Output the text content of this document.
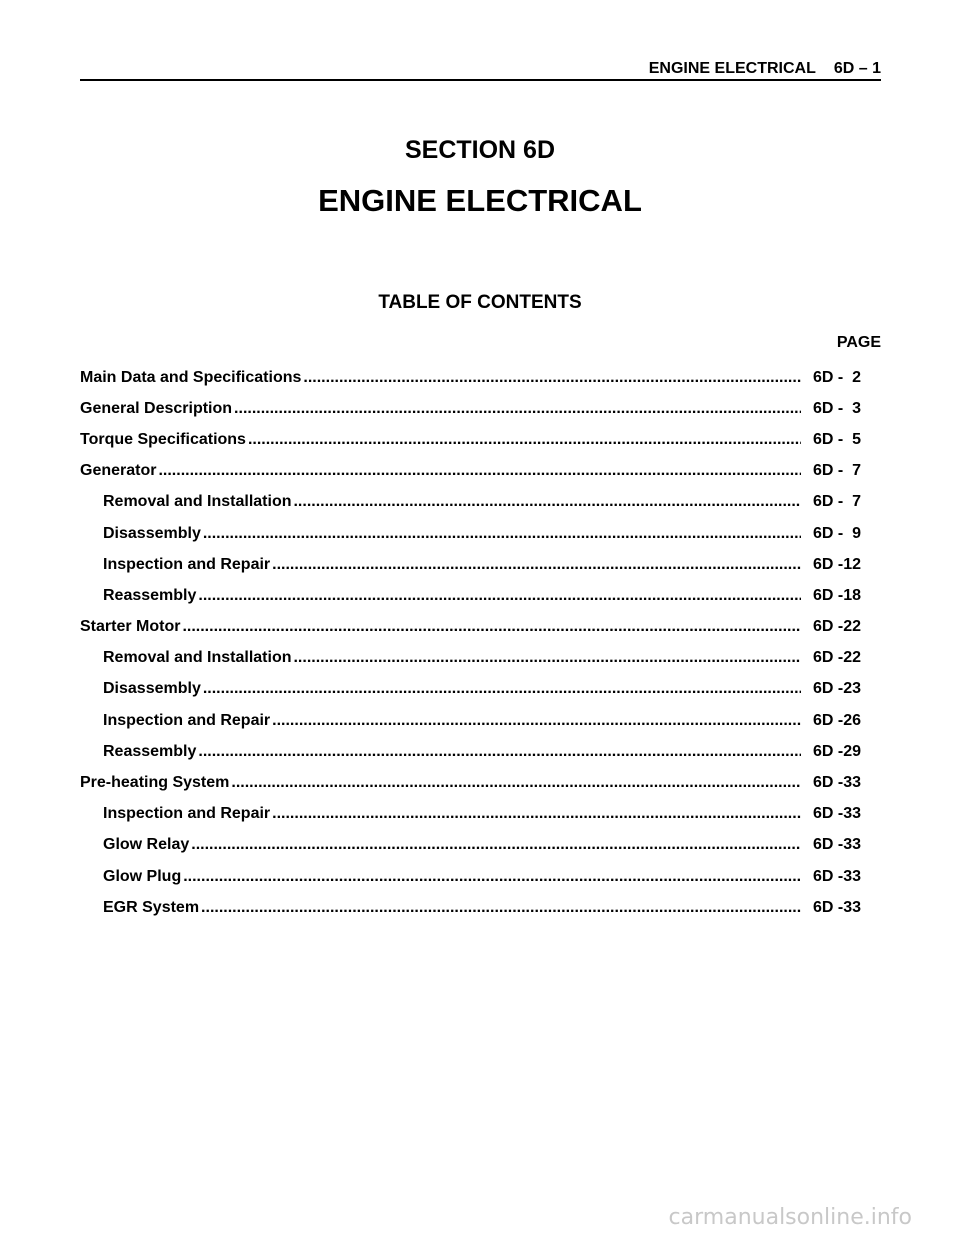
ENGINE ELECTRICAL 6D – 1
SECTION 6D
ENGINE ELECTRICAL
TABLE OF CONTENTS
PAGE
Main Data and Specifications .....	6D -  2
General Description .....	6D -  3
Torque Specifications .....	6D -  5
Generator .....	6D -  7
Removal and Installation .....	6D -  7
Disassembly .....	6D -  9
Inspection and Repair .....	6D -12
Reassembly .....	6D -18
Starter Motor .....	6D -22
Removal and Installation .....	6D -22
Disassembly .....	6D -23
Inspection and Repair .....	6D -26
Reassembly .....	6D -29
Pre-heating System .....	6D -33
Inspection and Repair .....	6D -33
Glow Relay .....	6D -33
Glow Plug .....	6D -33
EGR System .....	6D -33
carmanualsonline.info
